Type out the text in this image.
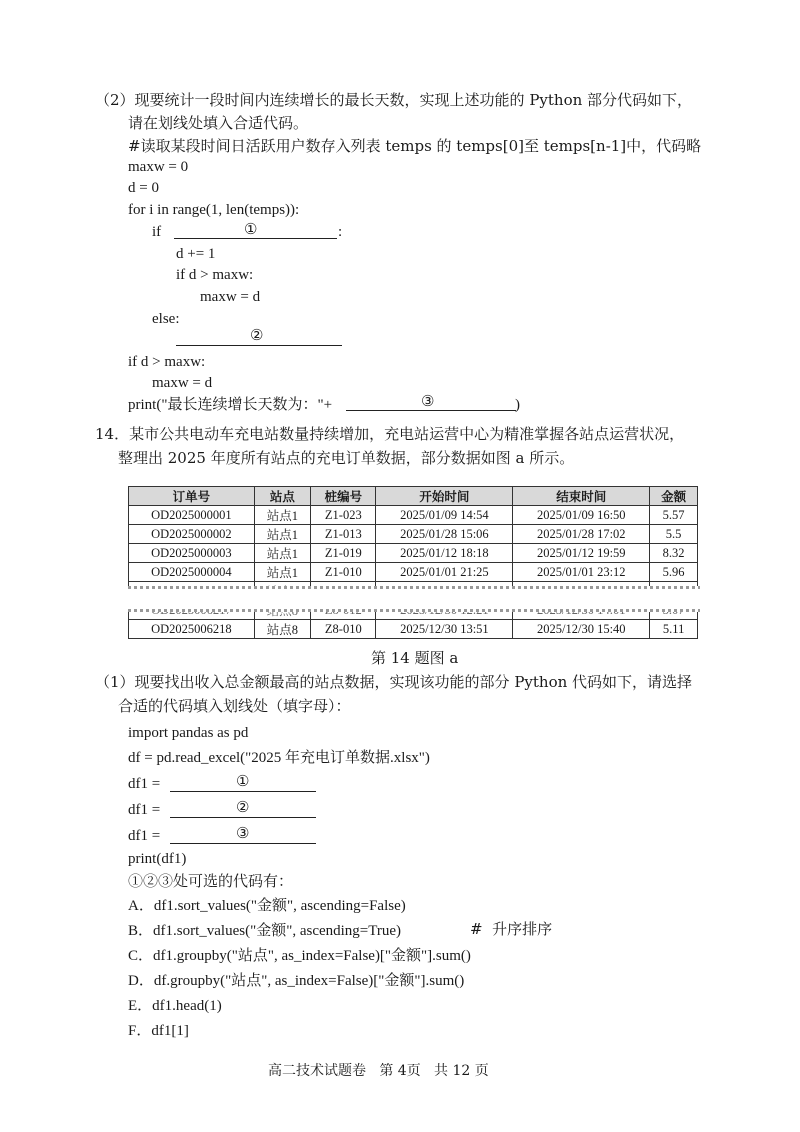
（2）现要统计一段时间内连续增长的最长天数，实现上述功能的 Python 部分代码如下，
请在划线处填入合适代码。
#读取某段时间日活跃用户数存入列表 temps 的 temps[0]至 temps[n-1]中，代码略
maxw = 0
d = 0
for i in range(1, len(temps)):
if	①	:
d += 1
if d > maxw:
maxw = d
else:
②
if d > maxw:
maxw = d
print("最长连续增长天数为："+	③	)
14．某市公共电动车充电站数量持续增加，充电站运营中心为精准掌握各站点运营状况，
整理出 2025 年度所有站点的充电订单数据，部分数据如图 a 所示。
订单号	站点	桩编号	开始时间	结束时间	金额
OD2025000001	站点1	Z1-023	2025/01/09 14:54	2025/01/09 16:50	5.57
OD2025000002	站点1	Z1-013	2025/01/28 15:06	2025/01/28 17:02	5.5
OD2025000003	站点1	Z1-019	2025/01/12 18:18	2025/01/12 19:59	8.32
OD2025000004	站点1	Z1-010	2025/01/01 21:25	2025/01/01 23:12	5.96

OD2025006218	站点8	Z8-010	2025/12/30 13:51	2025/12/30 15:40	5.11
第 14 题图 a
（1）现要找出收入总金额最高的站点数据，实现该功能的部分 Python 代码如下，请选择
合适的代码填入划线处（填字母）：
import pandas as pd
df = pd.read_excel("2025 年充电订单数据.xlsx")
df1 =	①
df1 =	②
df1 =	③
print(df1)
①②③处可选的代码有：
A．df1.sort_values("金额", ascending=False)
B．df1.sort_values("金额", ascending=True)	#  升序排序
C．df1.groupby("站点", as_index=False)["金额"].sum()
D．df.groupby("站点", as_index=False)["金额"].sum()
E．df1.head(1)
F．df1[1]
高二技术试题卷   第 4页   共 12 页
